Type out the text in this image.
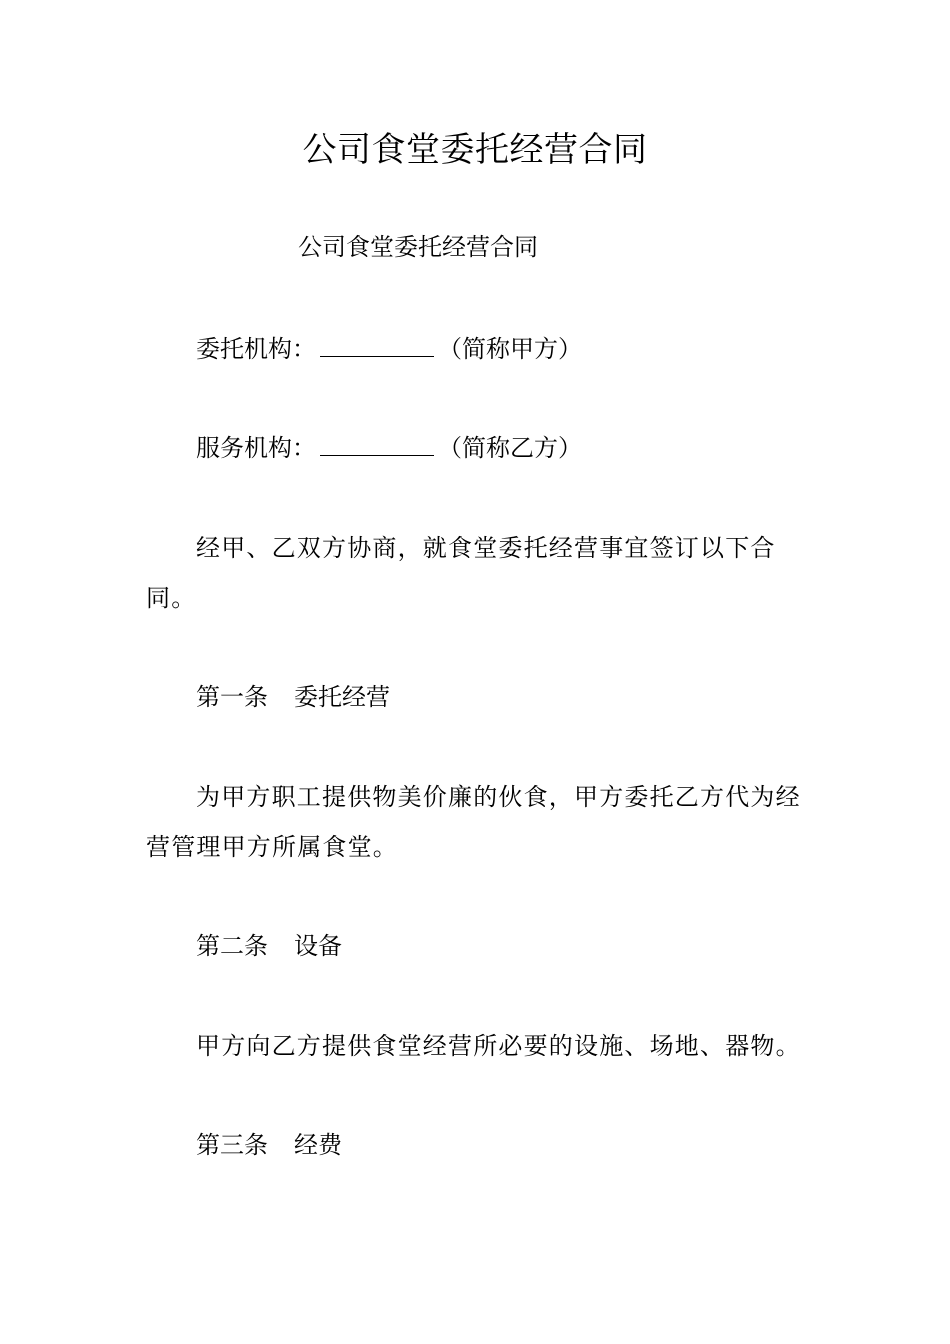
公司食堂委托经营合同

公司食堂委托经营合同

委托机构：	（简称甲方）

服务机构：	（简称乙方）

经甲、乙双方协商，就食堂委托经营事宜签订以下合同。

第一条 委托经营

为甲方职工提供物美价廉的伙食，甲方委托乙方代为经营管理甲方所属食堂。

第二条 设备

甲方向乙方提供食堂经营所必要的设施、场地、器物。

第三条 经费
